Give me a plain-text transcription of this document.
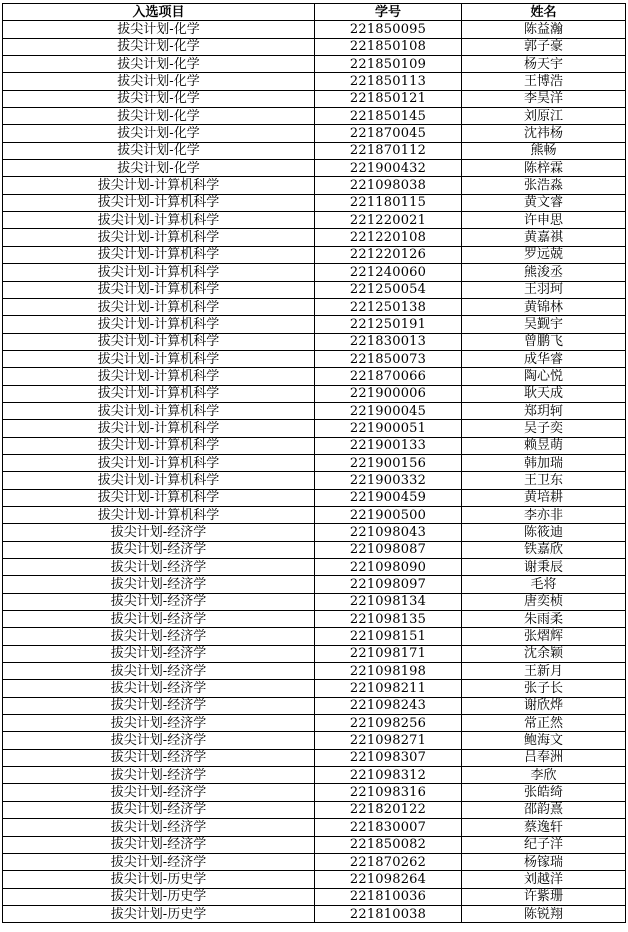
入选项目	学号	姓名
拔尖计划-化学	221850095	陈益瀚
拔尖计划-化学	221850108	郭子豪
拔尖计划-化学	221850109	杨天宇
拔尖计划-化学	221850113	王博浩
拔尖计划-化学	221850121	李昊洋
拔尖计划-化学	221850145	刘原江
拔尖计划-化学	221870045	沈祎杨
拔尖计划-化学	221870112	熊畅
拔尖计划-化学	221900432	陈梓霖
拔尖计划-计算机科学	221098038	张浩淼
拔尖计划-计算机科学	221180115	黄文睿
拔尖计划-计算机科学	221220021	许申思
拔尖计划-计算机科学	221220108	黄嘉祺
拔尖计划-计算机科学	221220126	罗远兢
拔尖计划-计算机科学	221240060	熊浚丞
拔尖计划-计算机科学	221250054	王羽珂
拔尖计划-计算机科学	221250138	黄锦林
拔尖计划-计算机科学	221250191	吴觐宇
拔尖计划-计算机科学	221830013	曾鹏飞
拔尖计划-计算机科学	221850073	成华睿
拔尖计划-计算机科学	221870066	陶心悦
拔尖计划-计算机科学	221900006	耿天成
拔尖计划-计算机科学	221900045	郑玥轲
拔尖计划-计算机科学	221900051	吴子奕
拔尖计划-计算机科学	221900133	赖昱萌
拔尖计划-计算机科学	221900156	韩加瑞
拔尖计划-计算机科学	221900332	王卫东
拔尖计划-计算机科学	221900459	黄培耕
拔尖计划-计算机科学	221900500	李亦非
拔尖计划-经济学	221098043	陈筱迪
拔尖计划-经济学	221098087	铁嘉欣
拔尖计划-经济学	221098090	谢秉辰
拔尖计划-经济学	221098097	毛将
拔尖计划-经济学	221098134	唐奕桢
拔尖计划-经济学	221098135	朱雨柔
拔尖计划-经济学	221098151	张熠辉
拔尖计划-经济学	221098171	沈余颖
拔尖计划-经济学	221098198	王新月
拔尖计划-经济学	221098211	张子长
拔尖计划-经济学	221098243	谢欣烨
拔尖计划-经济学	221098256	常正然
拔尖计划-经济学	221098271	鲍海文
拔尖计划-经济学	221098307	吕奉洲
拔尖计划-经济学	221098312	李欣
拔尖计划-经济学	221098316	张皓绮
拔尖计划-经济学	221820122	邵韵熹
拔尖计划-经济学	221830007	蔡逸轩
拔尖计划-经济学	221850082	纪子洋
拔尖计划-经济学	221870262	杨镓瑞
拔尖计划-历史学	221098264	刘越洋
拔尖计划-历史学	221810036	许紫珊
拔尖计划-历史学	221810038	陈锐翔
